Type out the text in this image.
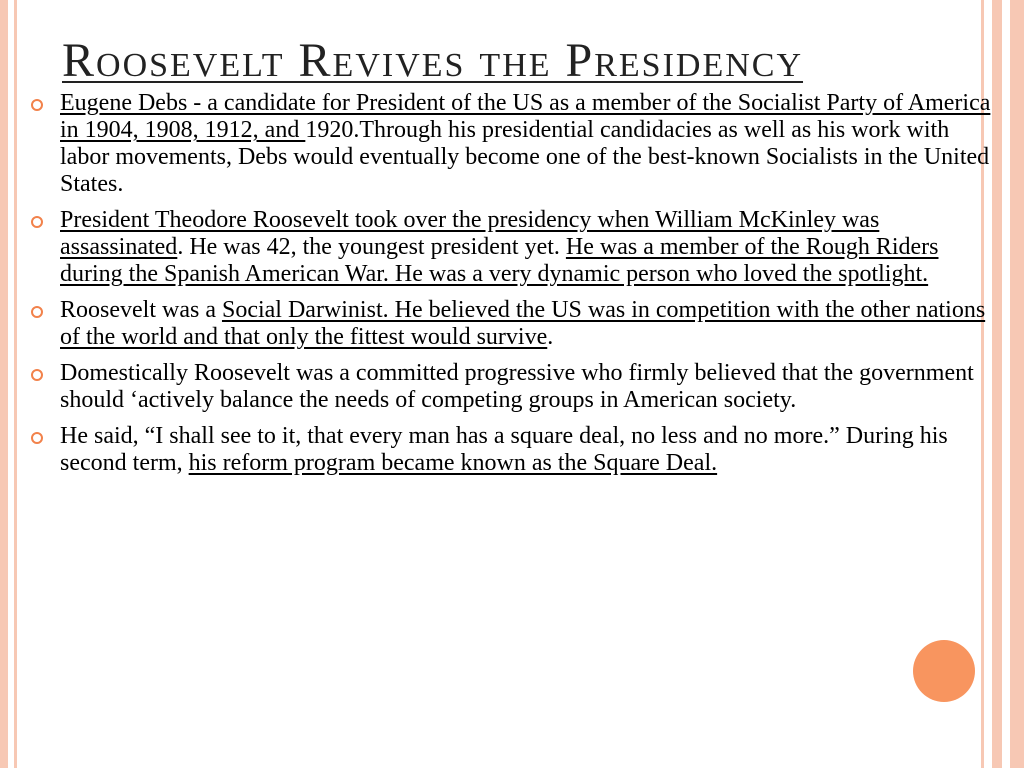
Roosevelt Revives the Presidency
Eugene Debs - a candidate for President of the US as a member of the Socialist Party of America in 1904, 1908, 1912, and 1920.Through his presidential candidacies as well as his work with labor movements, Debs would eventually become one of the best-known Socialists in the United States.
President Theodore Roosevelt took over the presidency when William McKinley was assassinated. He was 42, the youngest president yet. He was a member of the Rough Riders during the Spanish American War. He was a very dynamic person who loved the spotlight.
Roosevelt was a Social Darwinist. He believed the US was in competition with the other nations of the world and that only the fittest would survive.
Domestically Roosevelt was a committed progressive who firmly believed that the government should ‘actively balance the needs of competing groups in American society.
He said, “I shall see to it, that every man has a square deal, no less and no more.” During his second term, his reform program became known as the Square Deal.
